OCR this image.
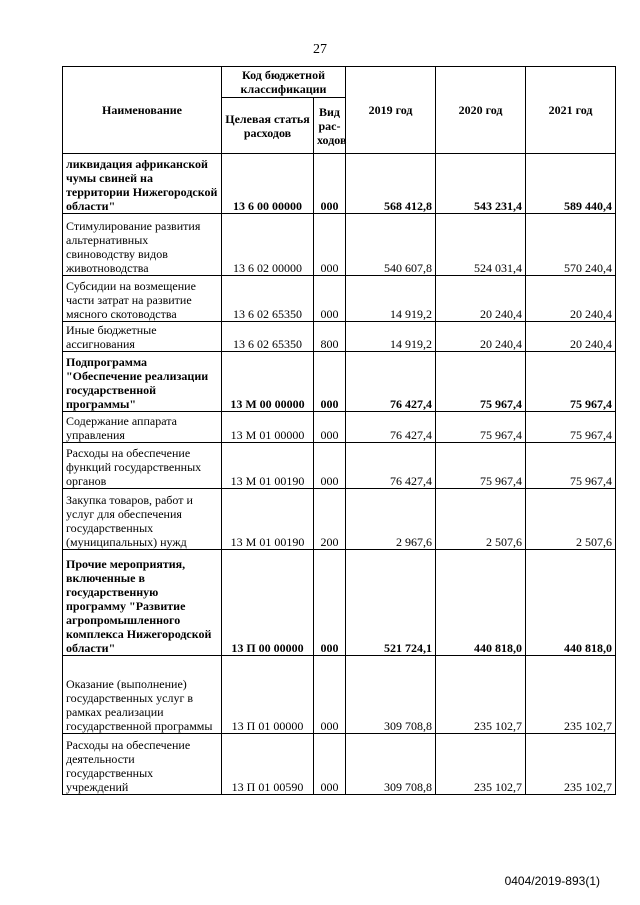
27
Наименование	Код бюджетной классификации		2019 год	2020 год	2021 год
	Целевая статья расходов	Вид рас-ходов			
ликвидация африканской чумы свиней на территории Нижегородской области"	13 6 00 00000	000	568 412,8	543 231,4	589 440,4
Стимулирование развития альтернативных свиноводству видов животноводства	13 6 02 00000	000	540 607,8	524 031,4	570 240,4
Субсидии на возмещение части затрат на развитие мясного скотоводства	13 6 02 65350	000	14 919,2	20 240,4	20 240,4
Иные бюджетные ассигнования	13 6 02 65350	800	14 919,2	20 240,4	20 240,4
Подпрограмма "Обеспечение реализации государственной программы"	13 М 00 00000	000	76 427,4	75 967,4	75 967,4
Содержание аппарата управления	13 М 01 00000	000	76 427,4	75 967,4	75 967,4
Расходы на обеспечение функций государственных органов	13 М 01 00190	000	76 427,4	75 967,4	75 967,4
Закупка товаров, работ и услуг для обеспечения государственных (муниципальных) нужд	13 М 01 00190	200	2 967,6	2 507,6	2 507,6
Прочие мероприятия, включенные в государственную программу "Развитие агропромышленного комплекса Нижегородской области"	13 П 00 00000	000	521 724,1	440 818,0	440 818,0
Оказание (выполнение) государственных услуг в рамках реализации государственной программы	13 П 01 00000	000	309 708,8	235 102,7	235 102,7
Расходы на обеспечение деятельности государственных учреждений	13 П 01 00590	000	309 708,8	235 102,7	235 102,7
0404/2019-893(1)
